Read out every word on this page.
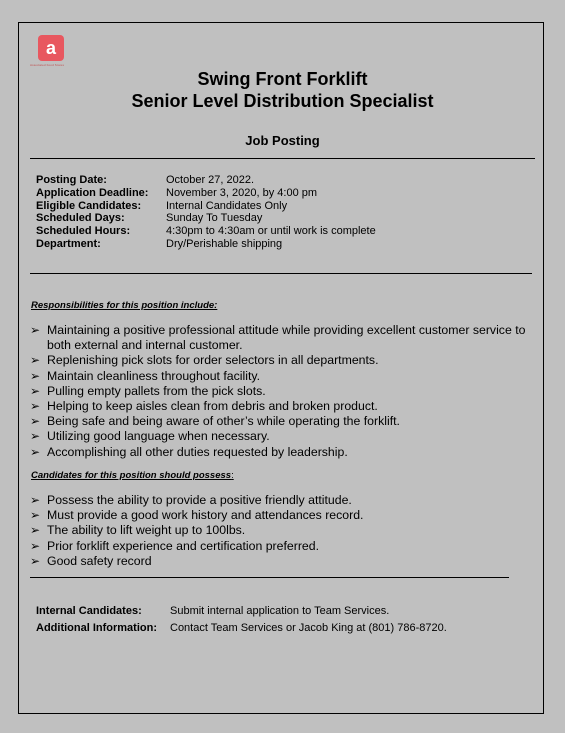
a
Associated Food Stores
Swing Front Forklift
Senior Level Distribution Specialist
Job Posting
Posting Date:	October 27, 2022.
Application Deadline:	November 3, 2020, by 4:00 pm
Eligible Candidates:	Internal Candidates Only
Scheduled Days:	Sunday To Tuesday
Scheduled Hours:	4:30pm to 4:30am or until work is complete
Department:	Dry/Perishable shipping
Responsibilities for this position include:
➢ Maintaining a positive professional attitude while providing excellent customer service to both external and internal customer.
➢ Replenishing pick slots for order selectors in all departments.
➢ Maintain cleanliness throughout facility.
➢ Pulling empty pallets from the pick slots.
➢ Helping to keep aisles clean from debris and broken product.
➢ Being safe and being aware of other’s while operating the forklift.
➢ Utilizing good language when necessary.
➢ Accomplishing all other duties requested by leadership.
Candidates for this position should possess:
➢ Possess the ability to provide a positive friendly attitude.
➢ Must provide a good work history and attendances record.
➢ The ability to lift weight up to 100lbs.
➢ Prior forklift experience and certification preferred.
➢ Good safety record
Internal Candidates:	Submit internal application to Team Services.
Additional Information: Contact Team Services or Jacob King at (801) 786-8720.
